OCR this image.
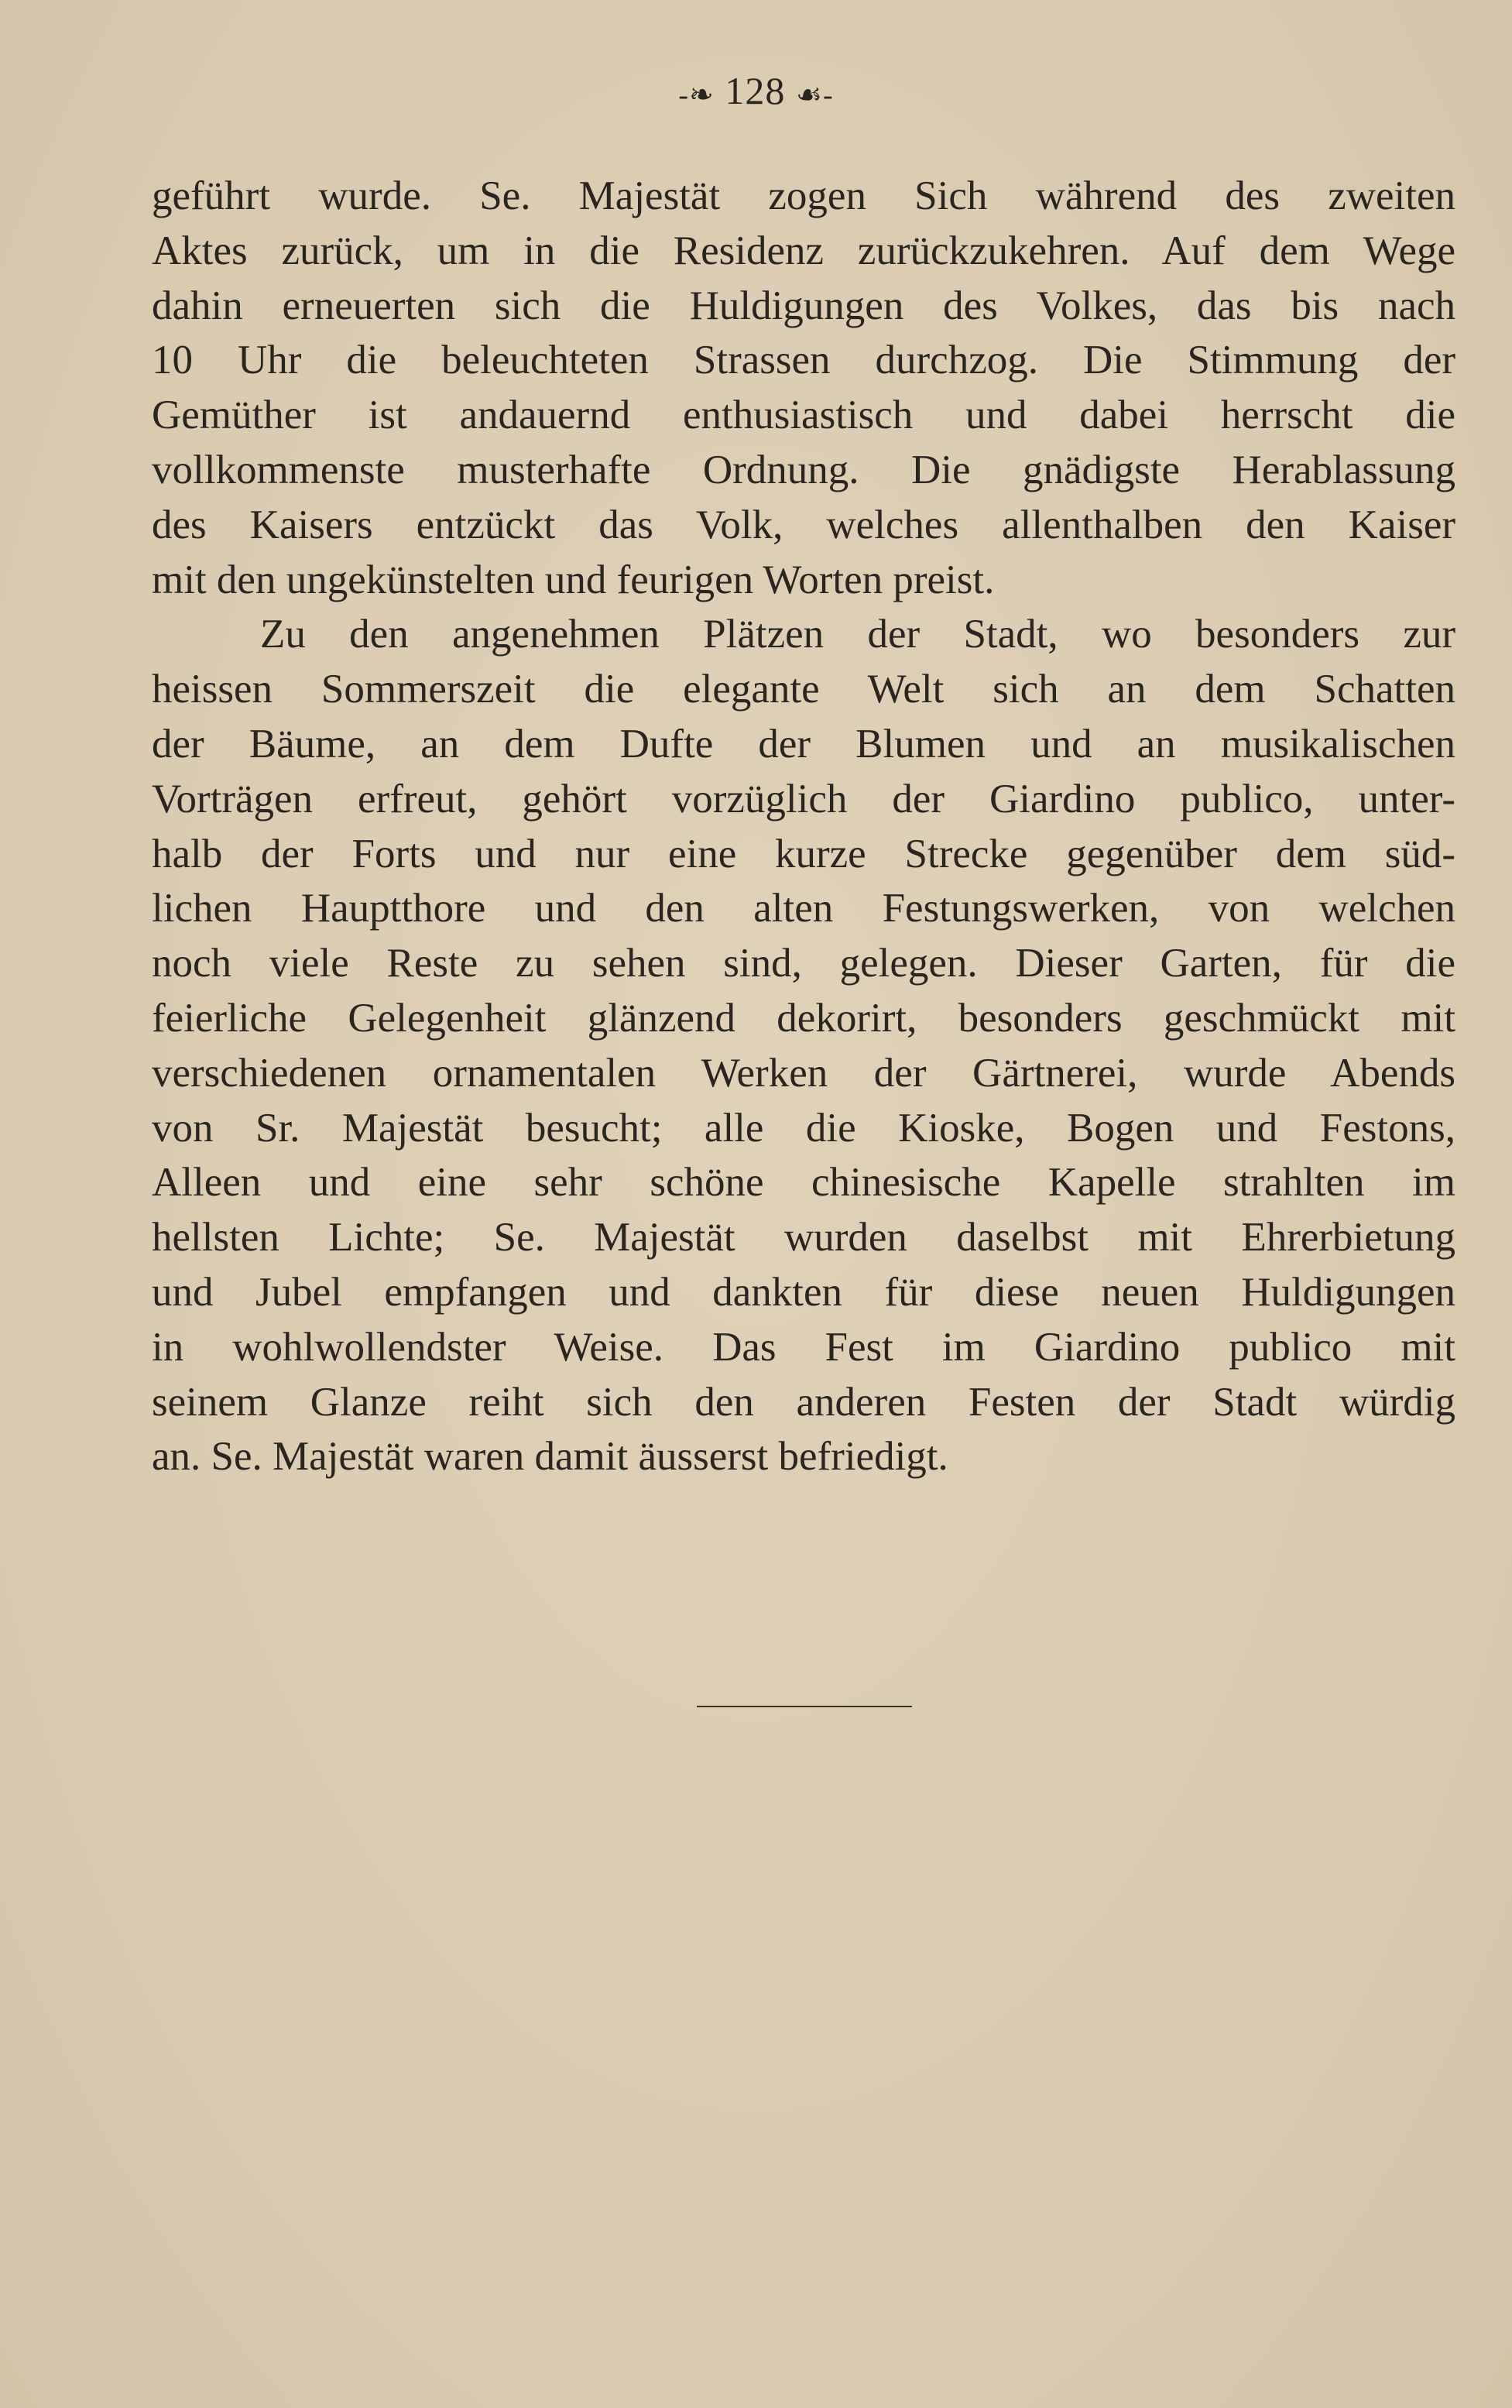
-❧ 128 ☙-
geführt wurde. Se. Majestät zogen Sich während des zweiten
Aktes zurück, um in die Residenz zurückzukehren. Auf dem Wege
dahin erneuerten sich die Huldigungen des Volkes, das bis nach
10 Uhr die beleuchteten Strassen durchzog. Die Stimmung der
Gemüther ist andauernd enthusiastisch und dabei herrscht die
vollkommenste musterhafte Ordnung. Die gnädigste Herablassung
des Kaisers entzückt das Volk, welches allenthalben den Kaiser
mit den ungekünstelten und feurigen Worten preist.
Zu den angenehmen Plätzen der Stadt, wo besonders zur
heissen Sommerszeit die elegante Welt sich an dem Schatten
der Bäume, an dem Dufte der Blumen und an musikalischen
Vorträgen erfreut, gehört vorzüglich der Giardino publico, unter-
halb der Forts und nur eine kurze Strecke gegenüber dem süd-
lichen Hauptthore und den alten Festungswerken, von welchen
noch viele Reste zu sehen sind, gelegen. Dieser Garten, für die
feierliche Gelegenheit glänzend dekorirt, besonders geschmückt mit
verschiedenen ornamentalen Werken der Gärtnerei, wurde Abends
von Sr. Majestät besucht; alle die Kioske, Bogen und Festons,
Alleen und eine sehr schöne chinesische Kapelle strahlten im
hellsten Lichte; Se. Majestät wurden daselbst mit Ehrerbietung
und Jubel empfangen und dankten für diese neuen Huldigungen
in wohlwollendster Weise. Das Fest im Giardino publico mit
seinem Glanze reiht sich den anderen Festen der Stadt würdig
an. Se. Majestät waren damit äusserst befriedigt.
